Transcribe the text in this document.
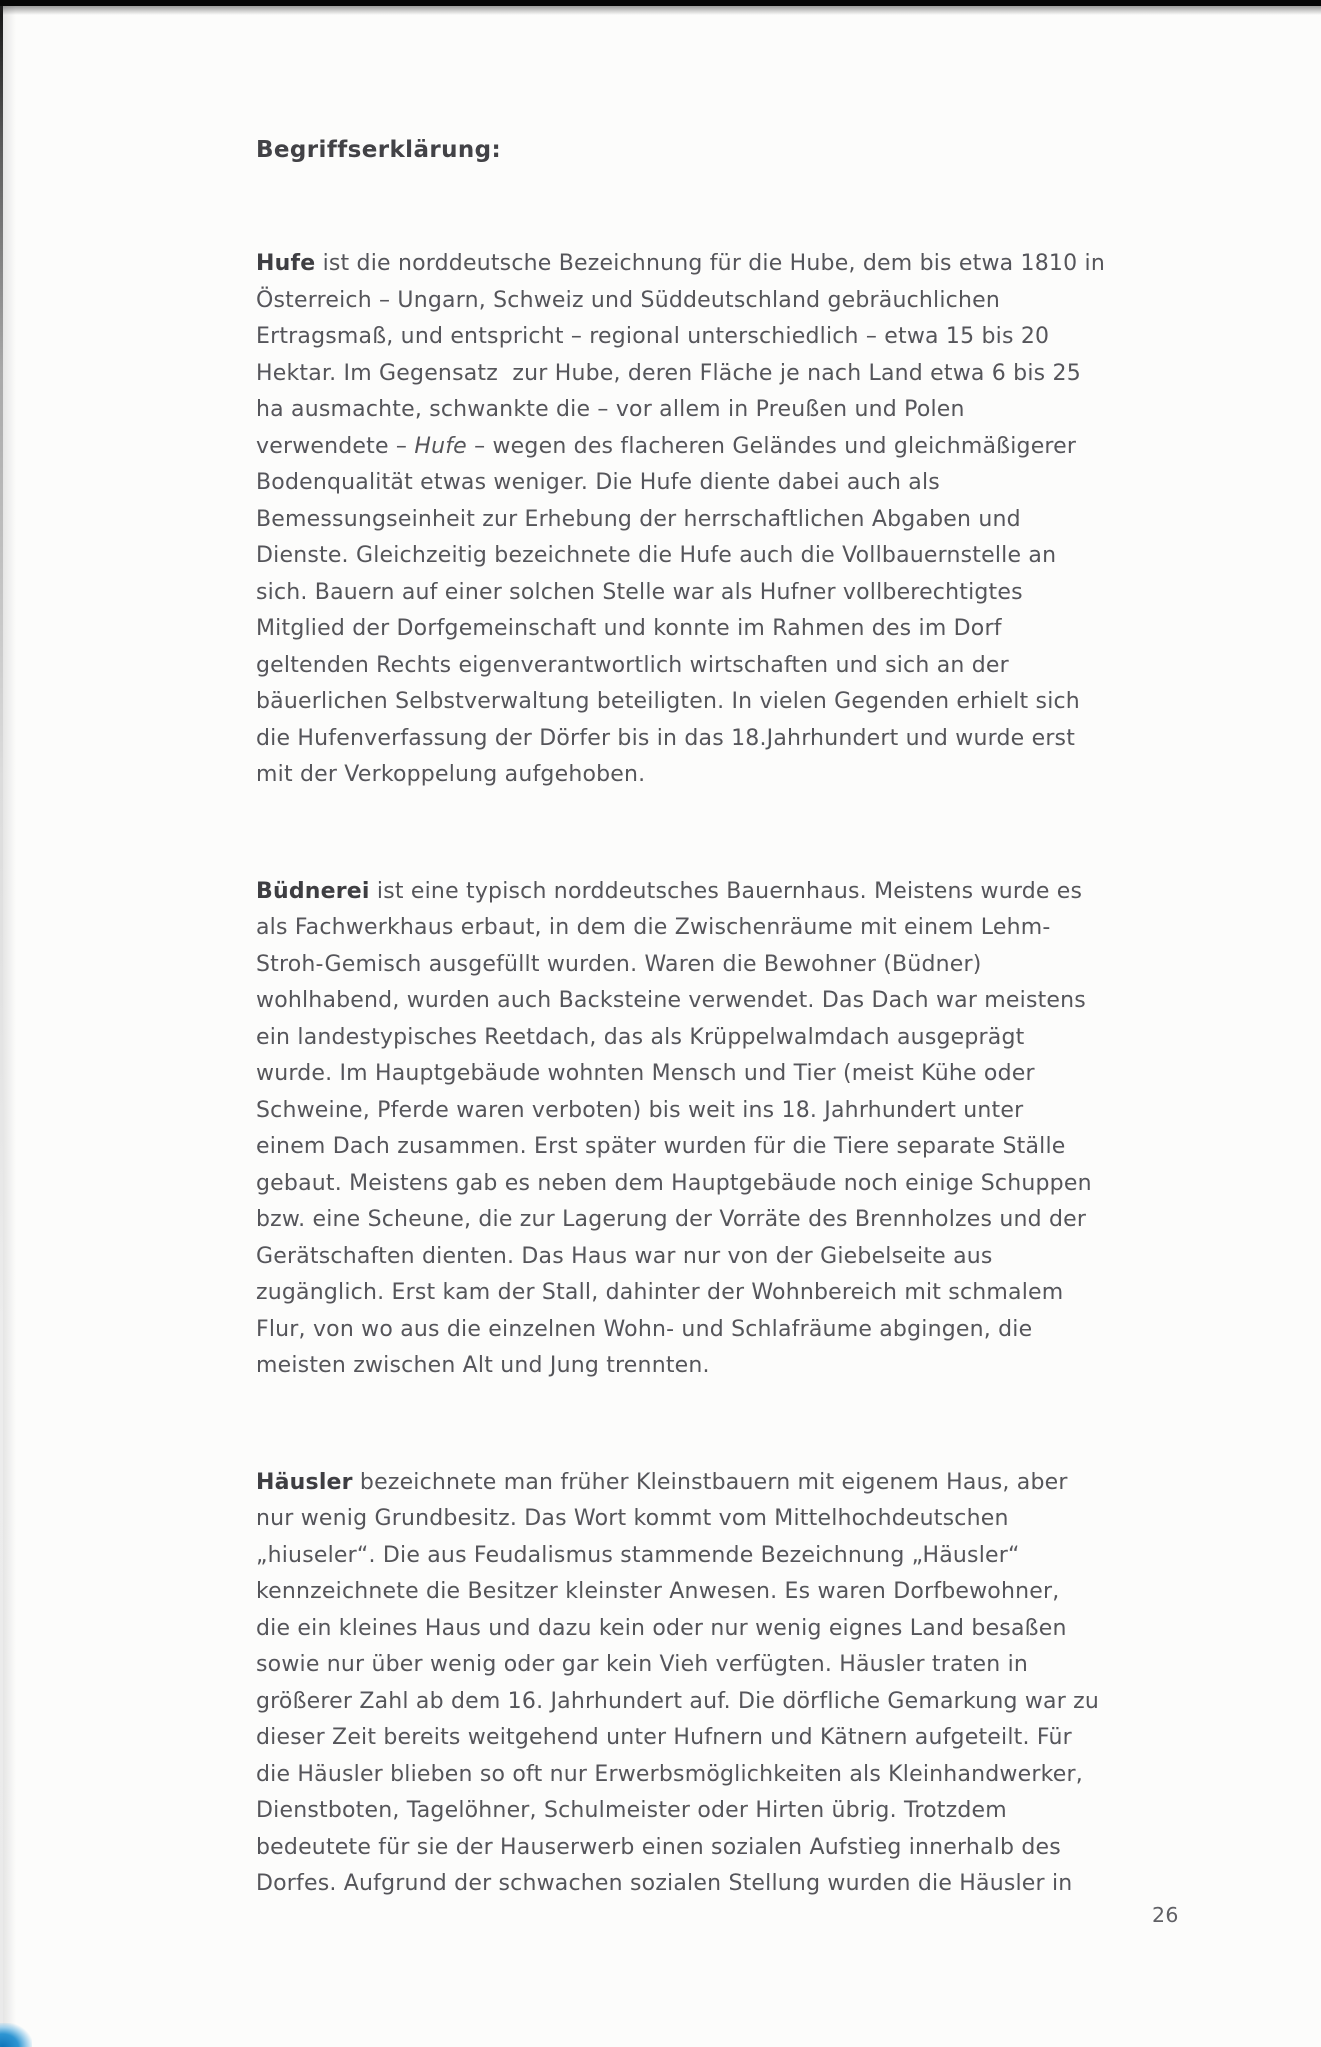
Begriffserklärung:
Hufe ist die norddeutsche Bezeichnung für die Hube, dem bis etwa 1810 in
Österreich – Ungarn, Schweiz und Süddeutschland gebräuchlichen
Ertragsmaß, und entspricht – regional unterschiedlich – etwa 15 bis 20
Hektar. Im Gegensatz  zur Hube, deren Fläche je nach Land etwa 6 bis 25
ha ausmachte, schwankte die – vor allem in Preußen und Polen
verwendete – Hufe – wegen des flacheren Geländes und gleichmäßigerer
Bodenqualität etwas weniger. Die Hufe diente dabei auch als
Bemessungseinheit zur Erhebung der herrschaftlichen Abgaben und
Dienste. Gleichzeitig bezeichnete die Hufe auch die Vollbauernstelle an
sich. Bauern auf einer solchen Stelle war als Hufner vollberechtigtes
Mitglied der Dorfgemeinschaft und konnte im Rahmen des im Dorf
geltenden Rechts eigenverantwortlich wirtschaften und sich an der
bäuerlichen Selbstverwaltung beteiligten. In vielen Gegenden erhielt sich
die Hufenverfassung der Dörfer bis in das 18.Jahrhundert und wurde erst
mit der Verkoppelung aufgehoben.
Büdnerei ist eine typisch norddeutsches Bauernhaus. Meistens wurde es
als Fachwerkhaus erbaut, in dem die Zwischenräume mit einem Lehm-
Stroh-Gemisch ausgefüllt wurden. Waren die Bewohner (Büdner)
wohlhabend, wurden auch Backsteine verwendet. Das Dach war meistens
ein landestypisches Reetdach, das als Krüppelwalmdach ausgeprägt
wurde. Im Hauptgebäude wohnten Mensch und Tier (meist Kühe oder
Schweine, Pferde waren verboten) bis weit ins 18. Jahrhundert unter
einem Dach zusammen. Erst später wurden für die Tiere separate Ställe
gebaut. Meistens gab es neben dem Hauptgebäude noch einige Schuppen
bzw. eine Scheune, die zur Lagerung der Vorräte des Brennholzes und der
Gerätschaften dienten. Das Haus war nur von der Giebelseite aus
zugänglich. Erst kam der Stall, dahinter der Wohnbereich mit schmalem
Flur, von wo aus die einzelnen Wohn- und Schlafräume abgingen, die
meisten zwischen Alt und Jung trennten.
Häusler bezeichnete man früher Kleinstbauern mit eigenem Haus, aber
nur wenig Grundbesitz. Das Wort kommt vom Mittelhochdeutschen
„hiuseler“. Die aus Feudalismus stammende Bezeichnung „Häusler“
kennzeichnete die Besitzer kleinster Anwesen. Es waren Dorfbewohner,
die ein kleines Haus und dazu kein oder nur wenig eignes Land besaßen
sowie nur über wenig oder gar kein Vieh verfügten. Häusler traten in
größerer Zahl ab dem 16. Jahrhundert auf. Die dörfliche Gemarkung war zu
dieser Zeit bereits weitgehend unter Hufnern und Kätnern aufgeteilt. Für
die Häusler blieben so oft nur Erwerbsmöglichkeiten als Kleinhandwerker,
Dienstboten, Tagelöhner, Schulmeister oder Hirten übrig. Trotzdem
bedeutete für sie der Hauserwerb einen sozialen Aufstieg innerhalb des
Dorfes. Aufgrund der schwachen sozialen Stellung wurden die Häusler in
26
